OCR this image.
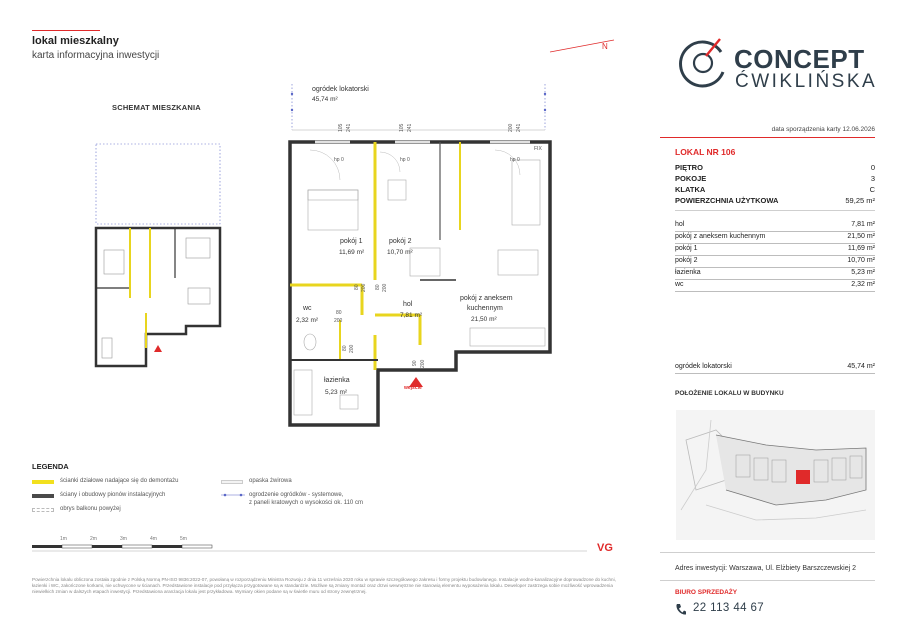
lokal mieszkalny
karta informacyjna inwestycji
N
SCHEMAT MIESZKANIA
ogródek lokatorski
45,74 m²
hp 0	hp 0	hp 0
FIX
105 241	105 241	200 241
pokój 1
11,69 m²
pokój 2
10,70 m²
wc
2,32 m²
hol
7,81 m²
pokój z aneksem
kuchennym
21,50 m²
łazienka
5,23 m²
80 200 80 200
80
200
80 200
90 200
wejście
LEGENDA
ścianki działowe nadające się do demontażu
ściany i obudowy pionów instalacyjnych
obrys balkonu powyżej
opaska żwirowa
ogrodzenie ogródków - systemowe,
z paneli kratowych o wysokości ok. 110 cm
1m	2m	3m	4m	5m
VG
Powierzchnia lokalu obliczona została zgodnie z Polską Normą PN-ISO 9836:2022-07, powołaną w rozporządzeniu Ministra Rozwoju z dnia 11 września 2020 roku w sprawie szczegółowego zakresu i formy projektu budowlanego. Instalacje wodno-kanalizacyjne doprowadzone do kuchni, łazienki i WC, zakończone korkami, nie uchwycone w ścianach. Przedstawione instalacje pod przyłącza przygotowane są w standardzie. Możliwe są zmiany montaż oraz drzwi wewnętrzne nie stanowią elementu wyposażenia lokalu. Deweloper zastrzega sobie możliwość wprowadzenia niewielkich zmian w dalszych etapach inwestycji. Przedstawiona aranżacja lokalu jest przykładowa. Wymiary okien podane są w świetle muru od strony zewnętrznej.
CONCEPT
ĆWIKLIŃSKA
data sporządzenia karty 12.06.2026
LOKAL NR 106
PIĘTRO	0
POKOJE	3
KLATKA	C
POWIERZCHNIA UŻYTKOWA	59,25 m²
hol	7,81 m²
pokój z aneksem kuchennym	21,50 m²
pokój 1	11,69 m²
pokój 2	10,70 m²
łazienka	5,23 m²
wc	2,32 m²
ogródek lokatorski	45,74 m²
POŁOŻENIE LOKALU W BUDYNKU
Adres inwestycji: Warszawa, Ul. Elżbiety Barszczewskiej 2
BIURO SPRZEDAŻY
22 113 44 67
